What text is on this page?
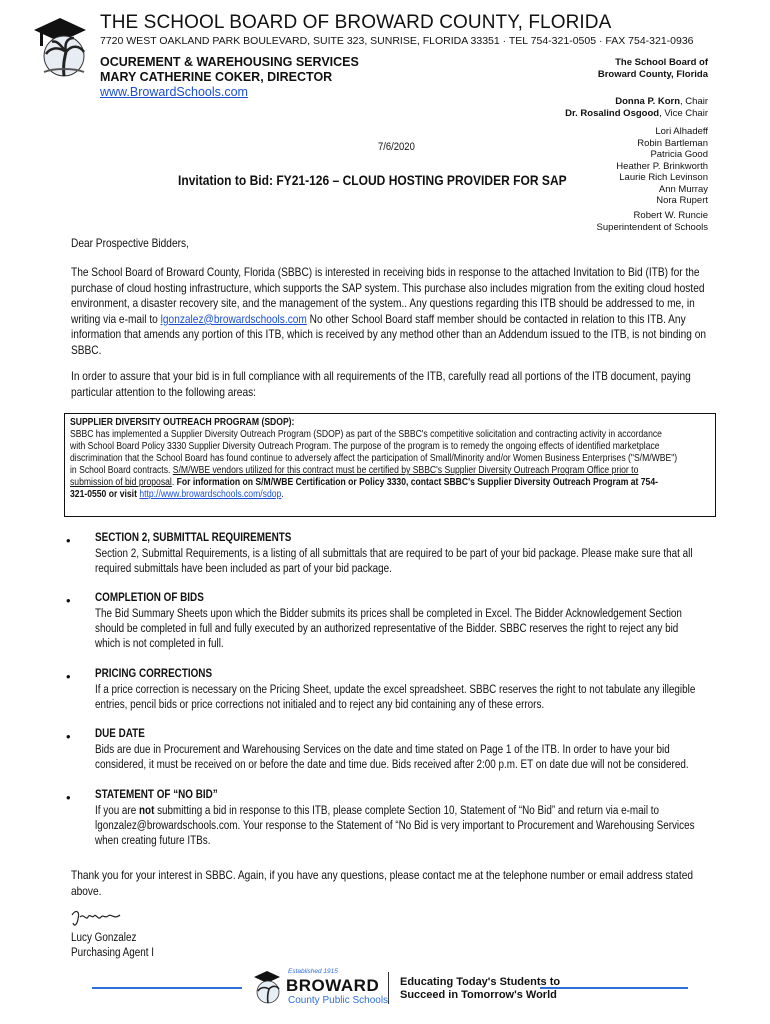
THE SCHOOL BOARD OF BROWARD COUNTY, FLORIDA
7720 WEST OAKLAND PARK BOULEVARD, SUITE 323, SUNRISE, FLORIDA 33351 · TEL 754-321-0505 · FAX 754-321-0936
OCUREMENT & WAREHOUSING SERVICES
MARY CATHERINE COKER, DIRECTOR
www.BrowardSchools.com
The School Board of
Broward County, Florida
Donna P. Korn, Chair
Dr. Rosalind Osgood, Vice Chair
Lori Alhadeff
Robin Bartleman
Patricia Good
Heather P. Brinkworth
Laurie Rich Levinson
Ann Murray
Nora Rupert
Robert W. Runcie
Superintendent of Schools
7/6/2020
Invitation to Bid: FY21-126 – CLOUD HOSTING PROVIDER FOR SAP
Dear Prospective Bidders,
The School Board of Broward County, Florida (SBBC) is interested in receiving bids in response to the attached Invitation to Bid (ITB) for the
purchase of cloud hosting infrastructure, which supports the SAP system. This purchase also includes migration from the exiting cloud hosted
environment, a disaster recovery site, and the management of the system.. Any questions regarding this ITB should be addressed to me, in
writing via e-mail to lgonzalez@browardschools.com No other School Board staff member should be contacted in relation to this ITB. Any
information that amends any portion of this ITB, which is received by any method other than an Addendum issued to the ITB, is not binding on
SBBC.
In order to assure that your bid is in full compliance with all requirements of the ITB, carefully read all portions of the ITB document, paying
particular attention to the following areas:
SUPPLIER DIVERSITY OUTREACH PROGRAM (SDOP):
SBBC has implemented a Supplier Diversity Outreach Program (SDOP) as part of the SBBC's competitive solicitation and contracting activity in accordance
with School Board Policy 3330 Supplier Diversity Outreach Program. The purpose of the program is to remedy the ongoing effects of identified marketplace
discrimination that the School Board has found continue to adversely affect the participation of Small/Minority and/or Women Business Enterprises ("S/M/WBE")
in School Board contracts. S/M/WBE vendors utilized for this contract must be certified by SBBC's Supplier Diversity Outreach Program Office prior to
submission of bid proposal. For information on S/M/WBE Certification or Policy 3330, contact SBBC's Supplier Diversity Outreach Program at 754-
321-0550 or visit http://www.browardschools.com/sdop.
• SECTION 2, SUBMITTAL REQUIREMENTS
Section 2, Submittal Requirements, is a listing of all submittals that are required to be part of your bid package. Please make sure that all
required submittals have been included as part of your bid package.
• COMPLETION OF BIDS
The Bid Summary Sheets upon which the Bidder submits its prices shall be completed in Excel. The Bidder Acknowledgement Section
should be completed in full and fully executed by an authorized representative of the Bidder. SBBC reserves the right to reject any bid
which is not completed in full.
• PRICING CORRECTIONS
If a price correction is necessary on the Pricing Sheet, update the excel spreadsheet. SBBC reserves the right to not tabulate any illegible
entries, pencil bids or price corrections not initialed and to reject any bid containing any of these errors.
• DUE DATE
Bids are due in Procurement and Warehousing Services on the date and time stated on Page 1 of the ITB. In order to have your bid
considered, it must be received on or before the date and time due. Bids received after 2:00 p.m. ET on date due will not be considered.
• STATEMENT OF “NO BID”
If you are not submitting a bid in response to this ITB, please complete Section 10, Statement of “No Bid” and return via e-mail to
lgonzalez@browardschools.com. Your response to the Statement of “No Bid is very important to Procurement and Warehousing Services
when creating future ITBs.
Thank you for your interest in SBBC. Again, if you have any questions, please contact me at the telephone number or email address stated
above.
Lucy Gonzalez
Purchasing Agent I
Established 1915
BROWARD
County Public Schools
Educating Today's Students to
Succeed in Tomorrow's World
